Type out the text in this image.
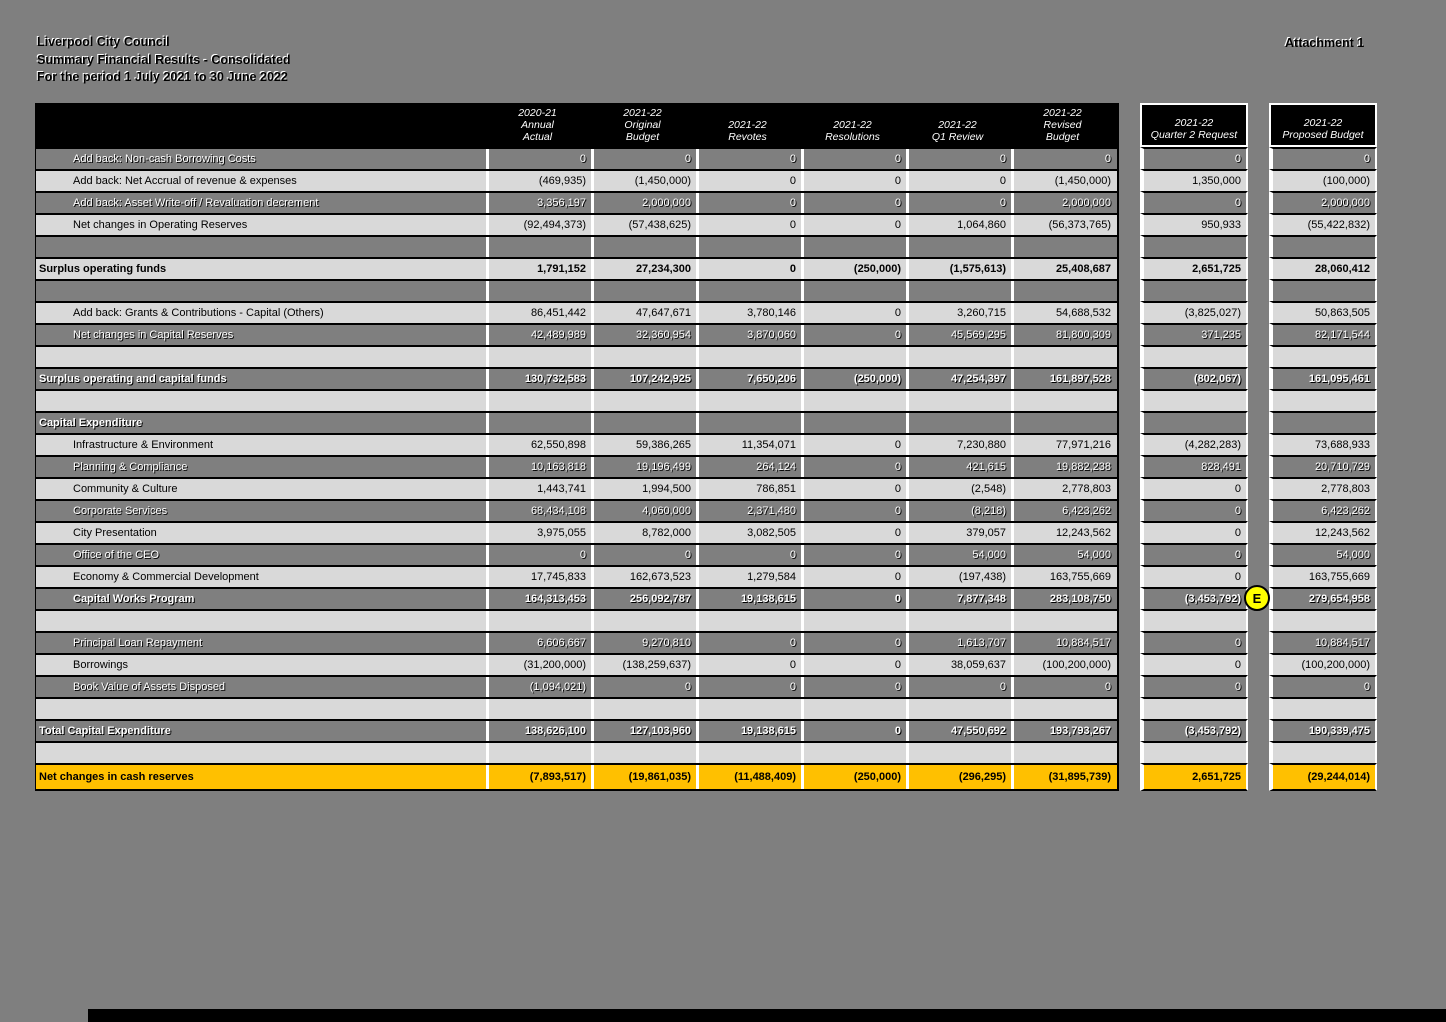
Liverpool City Council
Summary Financial Results - Consolidated
For the period 1 July 2021 to 30 June 2022
Attachment 1
2020-21
Annual
Actual
2021-22
Original
Budget
2021-22
Revotes
2021-22
Resolutions
2021-22
Q1 Review
2021-22
Revised
Budget
2021-22
Quarter 2 Request
2021-22
Proposed Budget
Add back: Non-cash Borrowing Costs	0	0	0	0	0	0	0	0
Add back: Net Accrual of revenue & expenses	(469,935)	(1,450,000)	0	0	0	(1,450,000)	1,350,000	(100,000)
Add back: Asset Write-off / Revaluation decrement	3,356,197	2,000,000	0	0	0	2,000,000	0	2,000,000
Net changes in Operating Reserves	(92,494,373)	(57,438,625)	0	0	1,064,860	(56,373,765)	950,933	(55,422,832)
Surplus operating funds	1,791,152	27,234,300	0	(250,000)	(1,575,613)	25,408,687	2,651,725	28,060,412
Add back: Grants & Contributions - Capital (Others)	86,451,442	47,647,671	3,780,146	0	3,260,715	54,688,532	(3,825,027)	50,863,505
Net changes in Capital Reserves	42,489,989	32,360,954	3,870,060	0	45,569,295	81,800,309	371,235	82,171,544
Surplus operating and capital funds	130,732,583	107,242,925	7,650,206	(250,000)	47,254,397	161,897,528	(802,067)	161,095,461
Capital Expenditure
Infrastructure & Environment	62,550,898	59,386,265	11,354,071	0	7,230,880	77,971,216	(4,282,283)	73,688,933
Planning & Compliance	10,163,818	19,196,499	264,124	0	421,615	19,882,238	828,491	20,710,729
Community & Culture	1,443,741	1,994,500	786,851	0	(2,548)	2,778,803	0	2,778,803
Corporate Services	68,434,108	4,060,000	2,371,480	0	(8,218)	6,423,262	0	6,423,262
City Presentation	3,975,055	8,782,000	3,082,505	0	379,057	12,243,562	0	12,243,562
Office of the CEO	0	0	0	0	54,000	54,000	0	54,000
Economy & Commercial Development	17,745,833	162,673,523	1,279,584	0	(197,438)	163,755,669	0	163,755,669
Capital Works Program	164,313,453	256,092,787	19,138,615	0	7,877,348	283,108,750	(3,453,792)	279,654,958
E
Principal Loan Repayment	6,606,667	9,270,810	0	0	1,613,707	10,884,517	0	10,884,517
Borrowings	(31,200,000)	(138,259,637)	0	0	38,059,637	(100,200,000)	0	(100,200,000)
Book Value of Assets Disposed	(1,094,021)	0	0	0	0	0	0	0
Total Capital Expenditure	138,626,100	127,103,960	19,138,615	0	47,550,692	193,793,267	(3,453,792)	190,339,475
Net changes in cash reserves	(7,893,517)	(19,861,035)	(11,488,409)	(250,000)	(296,295)	(31,895,739)	2,651,725	(29,244,014)
